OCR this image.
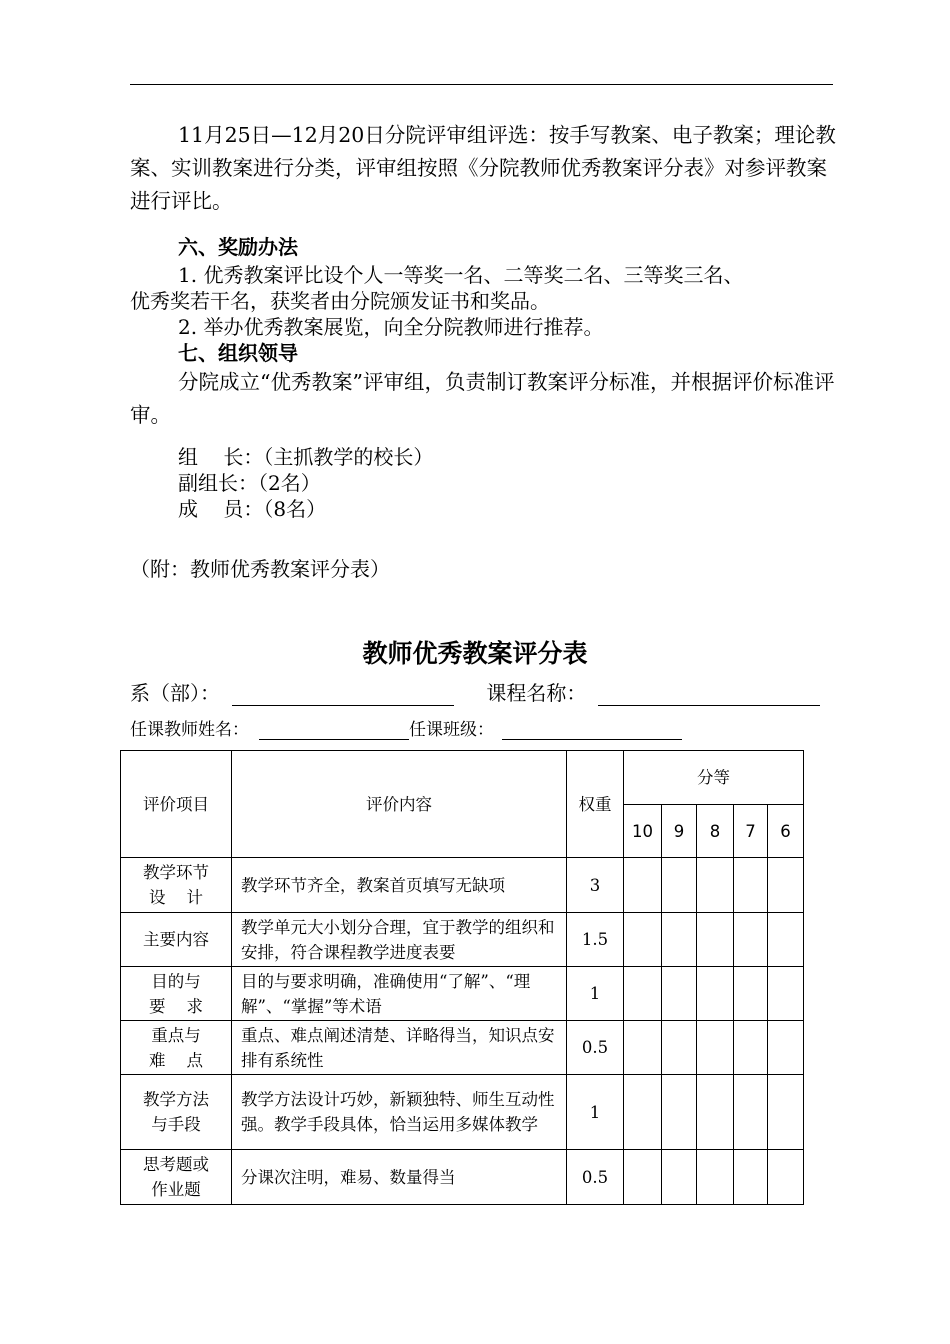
11月25日—12月20日分院评审组评选：按手写教案、电子教案；理论教案、实训教案进行分类，评审组按照《分院教师优秀教案评分表》对参评教案进行评比。

六、奖励办法
1. 优秀教案评比设个人一等奖一名、二等奖二名、三等奖三名、
优秀奖若干名，获奖者由分院颁发证书和奖品。
2. 举办优秀教案展览，向全分院教师进行推荐。
七、组织领导

分院成立“优秀教案”评审组，负责制订教案评分标准，并根据评价标准评审。

组    长：（主抓教学的校长）
副组长：（2名）
成    员：（8名）
（附：教师优秀教案评分表）
教师优秀教案评分表
系（部）：	课程名称：
任课教师姓名：	任课班级：
评价项目	评价内容	权重	分等				
			10	9	8	7	6
教学环节
设    计	教学环节齐全，教案首页填写无缺项	3					
主要内容	教学单元大小划分合理，宜于教学的组织和安排，符合课程教学进度表要	1.5					
目的与
要    求	目的与要求明确，准确使用“了解”、“理解”、“掌握”等术语	1					
重点与
难    点	重点、难点阐述清楚、详略得当，知识点安排有系统性	0.5					
教学方法
与手段	教学方法设计巧妙，新颖独特、师生互动性强。教学手段具体，恰当运用多媒体教学	1					
思考题或
作业题	分课次注明，难易、数量得当	0.5					
